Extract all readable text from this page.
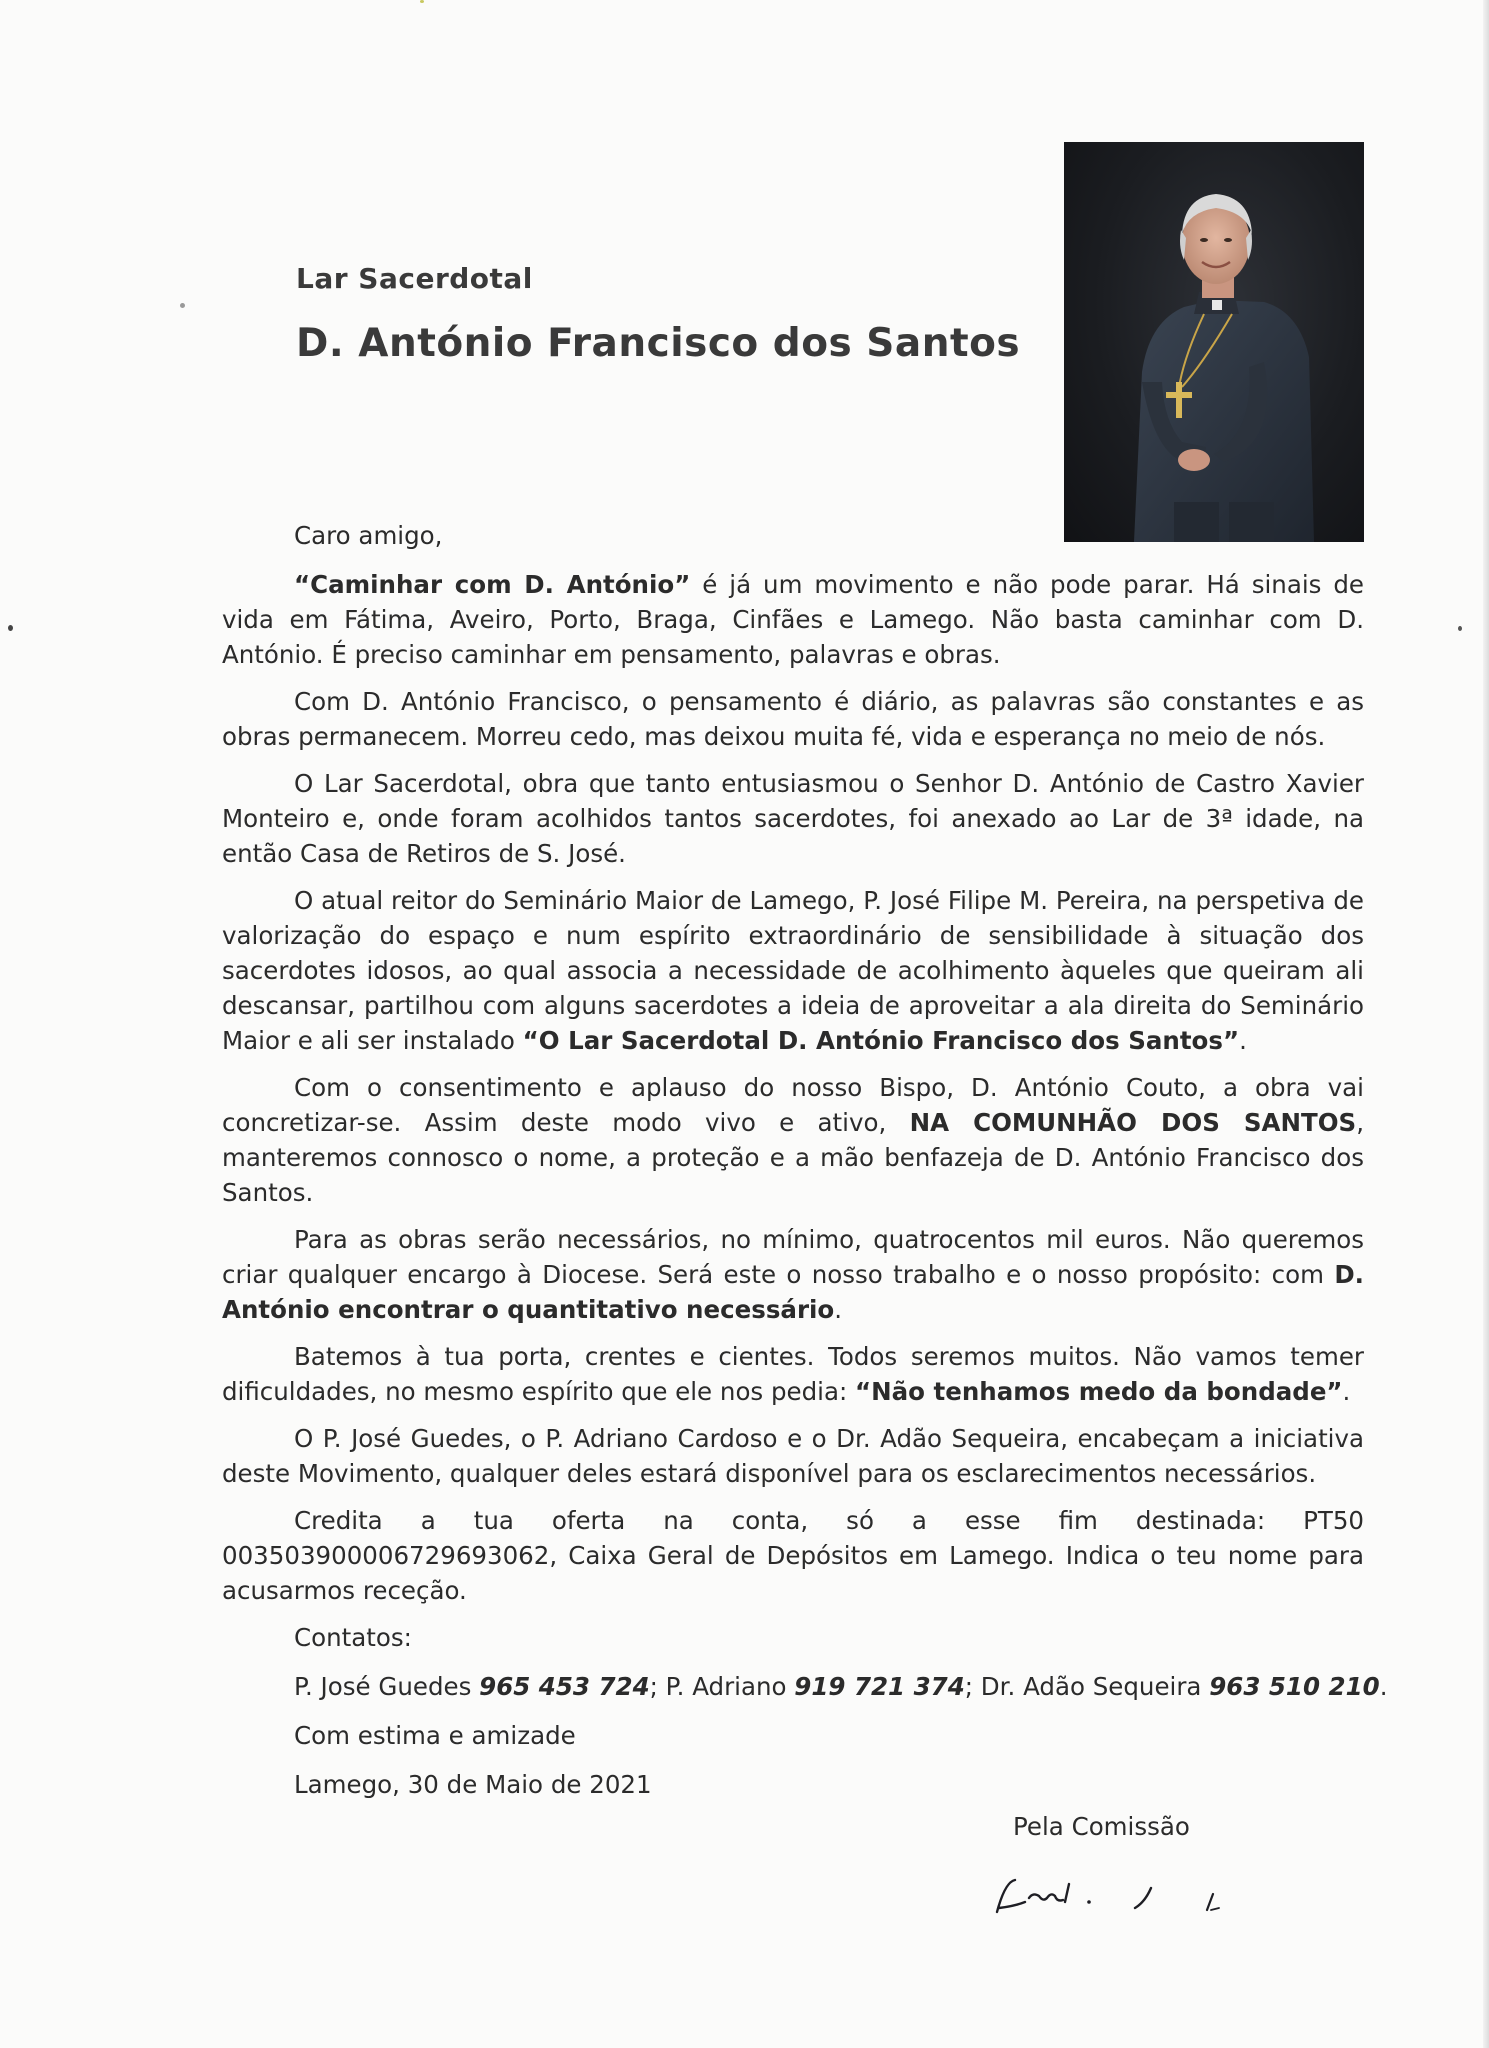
Lar Sacerdotal
D. António Francisco dos Santos
Caro amigo,

“Caminhar com D. António” é já um movimento e não pode parar. Há sinais de vida em Fátima, Aveiro, Porto, Braga, Cinfães e Lamego. Não basta caminhar com D. António. É preciso caminhar em pensamento, palavras e obras.

Com D. António Francisco, o pensamento é diário, as palavras são constantes e as obras permanecem. Morreu cedo, mas deixou muita fé, vida e esperança no meio de nós.

O Lar Sacerdotal, obra que tanto entusiasmou o Senhor D. António de Castro Xavier Monteiro e, onde foram acolhidos tantos sacerdotes, foi anexado ao Lar de 3ª idade, na então Casa de Retiros de S. José.

O atual reitor do Seminário Maior de Lamego, P. José Filipe M. Pereira, na perspetiva de valorização do espaço e num espírito extraordinário de sensibilidade à situação dos sacerdotes idosos, ao qual associa a necessidade de acolhimento àqueles que queiram ali descansar, partilhou com alguns sacerdotes a ideia de aproveitar a ala direita do Seminário Maior e ali ser instalado “O Lar Sacerdotal D. António Francisco dos Santos”.

Com o consentimento e aplauso do nosso Bispo, D. António Couto, a obra vai concretizar-se. Assim deste modo vivo e ativo, NA COMUNHÃO DOS SANTOS, manteremos connosco o nome, a proteção e a mão benfazeja de D. António Francisco dos Santos.

Para as obras serão necessários, no mínimo, quatrocentos mil euros. Não queremos criar qualquer encargo à Diocese. Será este o nosso trabalho e o nosso propósito: com D. António encontrar o quantitativo necessário.

Batemos à tua porta, crentes e cientes. Todos seremos muitos. Não vamos temer dificuldades, no mesmo espírito que ele nos pedia: “Não tenhamos medo da bondade”.

O P. José Guedes, o P. Adriano Cardoso e o Dr. Adão Sequeira, encabeçam a iniciativa deste Movimento, qualquer deles estará disponível para os esclarecimentos necessários.

Credita a tua oferta na conta, só a esse fim destinada: PT50 003503900006729693062, Caixa Geral de Depósitos em Lamego. Indica o teu nome para acusarmos receção.

Contatos:
P. José Guedes 965 453 724; P. Adriano 919 721 374; Dr. Adão Sequeira 963 510 210.
Com estima e amizade
Lamego, 30 de Maio de 2021
Pela Comissão
